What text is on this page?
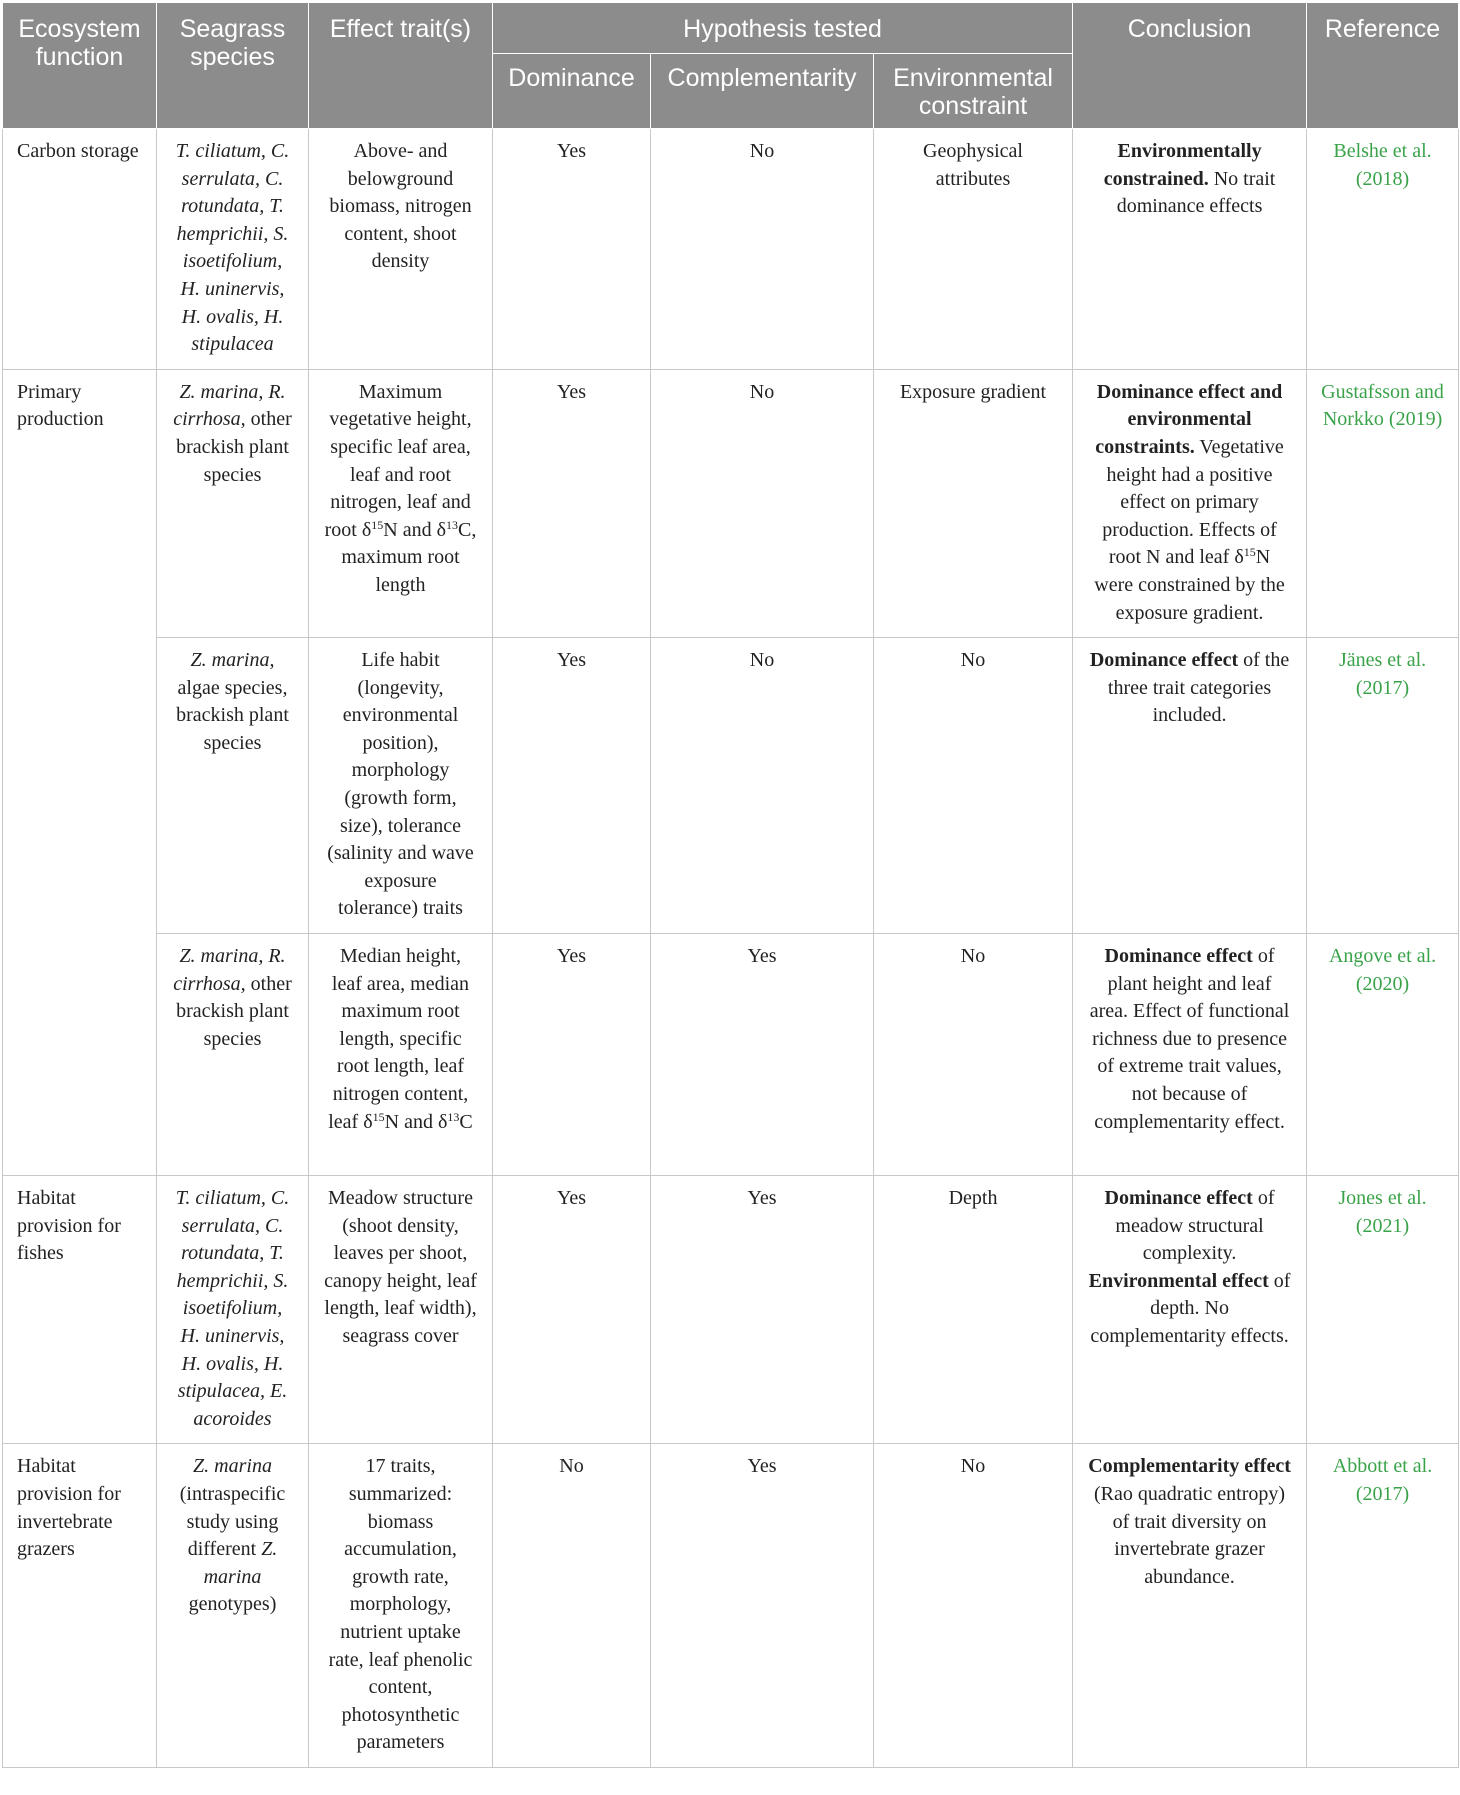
Ecosystem function	Seagrass species	Effect trait(s)	Hypothesis tested			Conclusion	Reference
			Dominance	Complementarity	Environmental constraint		
Carbon storage	T. ciliatum, C. serrulata, C. rotundata, T. hemprichii, S. isoetifolium, H. uninervis, H. ovalis, H. stipulacea	Above- and belowground biomass, nitrogen content, shoot density	Yes	No	Geophysical attributes	Environmentally constrained. No trait dominance effects	Belshe et al. (2018)
Primary production	Z. marina, R. cirrhosa, other brackish plant species	Maximum vegetative height, specific leaf area, leaf and root nitrogen, leaf and root $\delta^{15}N$ and $\delta^{13}C$, maximum root length	Yes	No	Exposure gradient	Dominance effect and environmental constraints. Vegetative height had a positive effect on primary production. Effects of root N and leaf $\delta^{15}N$ were constrained by the exposure gradient.	Gustafsson and Norkko (2019)
	Z. marina, algae species, brackish plant species	Life habit (longevity, environmental position), morphology (growth form, size), tolerance (salinity and wave exposure tolerance) traits	Yes	No	No	Dominance effect of the three trait categories included.	Jänes et al. (2017)
	Z. marina, R. cirrhosa, other brackish plant species	Median height, leaf area, median maximum root length, specific root length, leaf nitrogen content, leaf $\delta^{15}N$ and $\delta^{13}C$	Yes	Yes	No	Dominance effect of plant height and leaf area. Effect of functional richness due to presence of extreme trait values, not because of complementarity effect.	Angove et al. (2020)
Habitat provision for fishes	T. ciliatum, C. serrulata, C. rotundata, T. hemprichii, S. isoetifolium, H. uninervis, H. ovalis, H. stipulacea, E. acoroides	Meadow structure (shoot density, leaves per shoot, canopy height, leaf length, leaf width), seagrass cover	Yes	Yes	Depth	Dominance effect of meadow structural complexity. Environmental effect of depth. No complementarity effects.	Jones et al. (2021)
Habitat provision for invertebrate grazers	Z. marina (intraspecific study using different Z. marina genotypes)	17 traits, summarized: biomass accumulation, growth rate, morphology, nutrient uptake rate, leaf phenolic content, photosynthetic parameters	No	Yes	No	Complementarity effect (Rao quadratic entropy) of trait diversity on invertebrate grazer abundance.	Abbott et al. (2017)
